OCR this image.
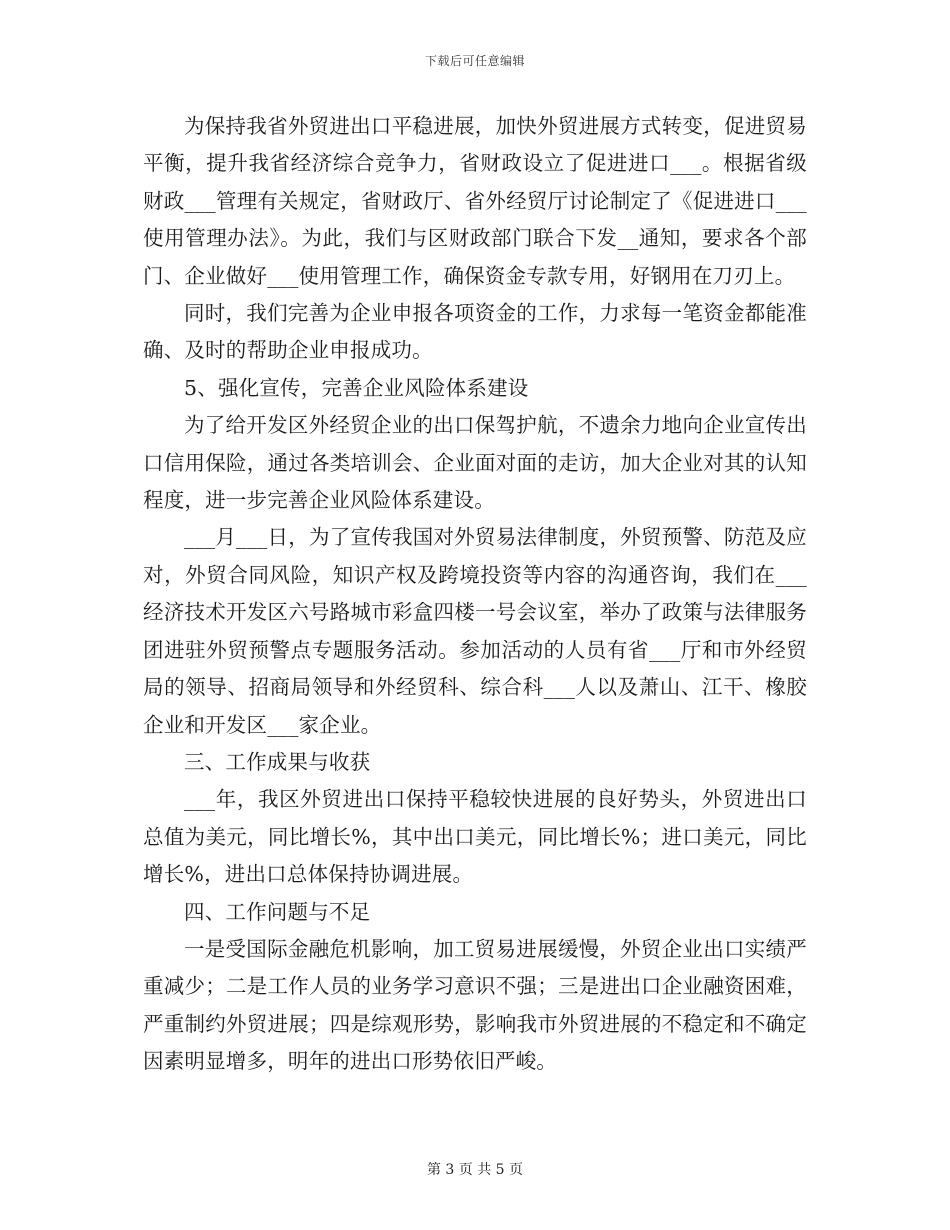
下载后可任意编辑

为保持我省外贸进出口平稳进展，加快外贸进展方式转变，促进贸易平衡，提升我省经济综合竞争力，省财政设立了促进进口___。根据省级财政___管理有关规定，省财政厅、省外经贸厅讨论制定了《促进进口___使用管理办法》。为此，我们与区财政部门联合下发__通知，要求各个部门、企业做好___使用管理工作，确保资金专款专用，好钢用在刀刃上。

同时，我们完善为企业申报各项资金的工作，力求每一笔资金都能准确、及时的帮助企业申报成功。

5、强化宣传，完善企业风险体系建设

为了给开发区外经贸企业的出口保驾护航，不遗余力地向企业宣传出口信用保险，通过各类培训会、企业面对面的走访，加大企业对其的认知程度，进一步完善企业风险体系建设。

___月___日，为了宣传我国对外贸易法律制度，外贸预警、防范及应对，外贸合同风险，知识产权及跨境投资等内容的沟通咨询，我们在___经济技术开发区六号路城市彩盒四楼一号会议室，举办了政策与法律服务团进驻外贸预警点专题服务活动。参加活动的人员有省___厅和市外经贸局的领导、招商局领导和外经贸科、综合科___人以及萧山、江干、橡胶企业和开发区___家企业。

三、工作成果与收获

___年，我区外贸进出口保持平稳较快进展的良好势头，外贸进出口总值为美元，同比增长%，其中出口美元，同比增长%；进口美元，同比增长%，进出口总体保持协调进展。

四、工作问题与不足

一是受国际金融危机影响，加工贸易进展缓慢，外贸企业出口实绩严重减少；二是工作人员的业务学习意识不强；三是进出口企业融资困难，严重制约外贸进展；四是综观形势，影响我市外贸进展的不稳定和不确定因素明显增多，明年的进出口形势依旧严峻。

第 3 页 共 5 页
